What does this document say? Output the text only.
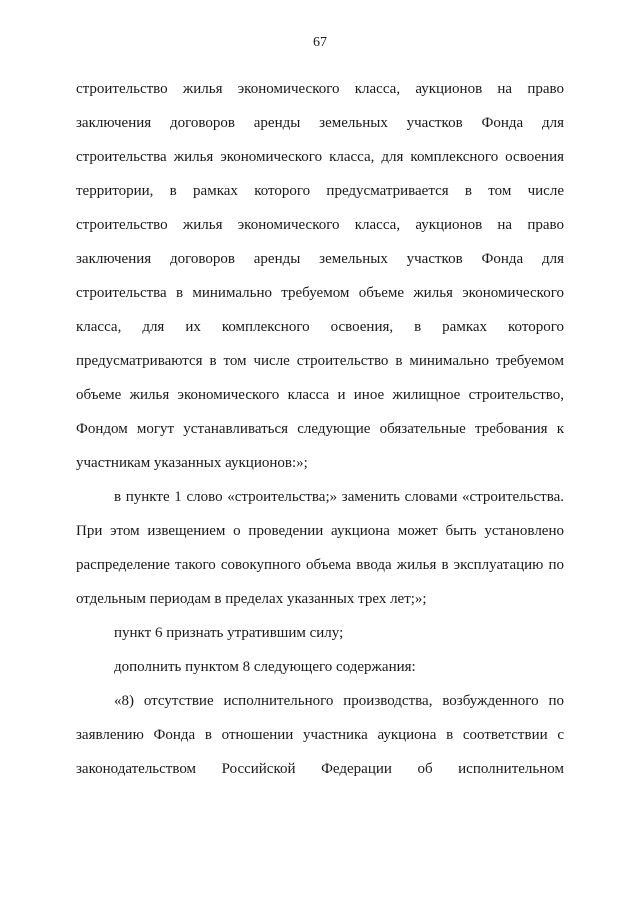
67
строительство жилья экономического класса, аукционов на право
заключения договоров аренды земельных участков Фонда для
строительства жилья экономического класса, для комплексного освоения
территории, в рамках которого предусматривается в том числе
строительство жилья экономического класса, аукционов на право
заключения договоров аренды земельных участков Фонда для
строительства в минимально требуемом объеме жилья экономического
класса, для их комплексного освоения, в рамках которого
предусматриваются в том числе строительство в минимально требуемом
объеме жилья экономического класса и иное жилищное строительство,
Фондом могут устанавливаться следующие обязательные требования к
участникам указанных аукционов:»;
в пункте 1 слово «строительства;» заменить словами «строительства.
При этом извещением о проведении аукциона может быть установлено
распределение такого совокупного объема ввода жилья в эксплуатацию по
отдельным периодам в пределах указанных трех лет;»;
пункт 6 признать утратившим силу;
дополнить пунктом 8 следующего содержания:
«8) отсутствие исполнительного производства, возбужденного по
заявлению Фонда в отношении участника аукциона в соответствии с
законодательством Российской Федерации об исполнительном
